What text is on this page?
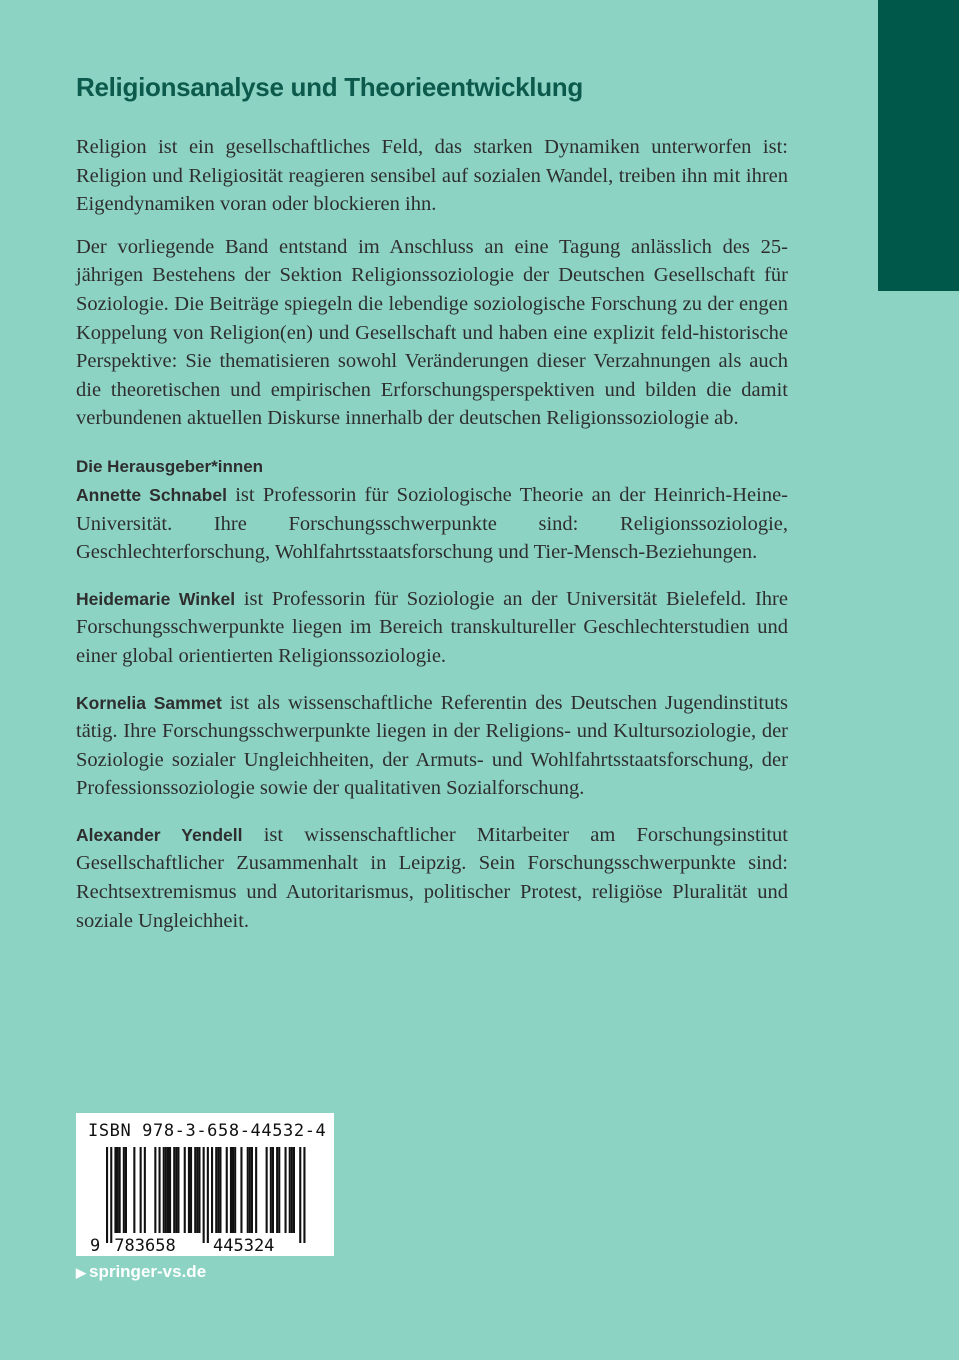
Religionsanalyse und Theorieentwicklung

Religion ist ein gesellschaftliches Feld, das starken Dynamiken unterworfen ist: Religion und Religiosität reagieren sensibel auf sozialen Wandel, treiben ihn mit ihren Eigendynamiken voran oder blockieren ihn.

Der vorliegende Band entstand im Anschluss an eine Tagung anlässlich des 25-jährigen Bestehens der Sektion Religionssoziologie der Deutschen Gesellschaft für Soziologie. Die Beiträge spiegeln die lebendige soziologische Forschung zu der engen Koppelung von Religion(en) und Gesellschaft und haben eine explizit feld-historische Perspektive: Sie thematisieren sowohl Veränderungen dieser Verzahnungen als auch die theoretischen und empirischen Erforschungsperspektiven und bilden die damit verbundenen aktuellen Diskurse innerhalb der deutschen Religionssoziologie ab.

Die Herausgeber*innen

Annette Schnabel ist Professorin für Soziologische Theorie an der Heinrich-Heine-Universität. Ihre Forschungsschwerpunkte sind: Religionssoziologie, Geschlechterforschung, Wohlfahrtsstaatsforschung und Tier-Mensch-Beziehungen.

Heidemarie Winkel ist Professorin für Soziologie an der Universität Bielefeld. Ihre Forschungsschwerpunkte liegen im Bereich transkultureller Geschlechterstudien und einer global orientierten Religionssoziologie.

Kornelia Sammet ist als wissenschaftliche Referentin des Deutschen Jugendinstituts tätig. Ihre Forschungsschwerpunkte liegen in der Religions- und Kultursoziologie, der Soziologie sozialer Ungleichheiten, der Armuts- und Wohlfahrtsstaatsforschung, der Professionssoziologie sowie der qualitativen Sozialforschung.

Alexander Yendell ist wissenschaftlicher Mitarbeiter am Forschungsinstitut Gesellschaftlicher Zusammenhalt in Leipzig. Sein Forschungsschwerpunkte sind: Rechtsextremismus und Autoritarismus, politischer Protest, religiöse Pluralität und soziale Ungleichheit.

ISBN 978-3-658-44532-4
9 783658 445324
▶ springer-vs.de
